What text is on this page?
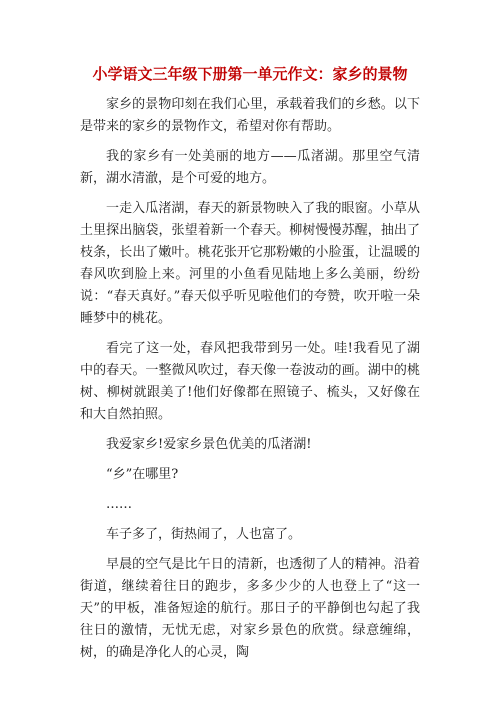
小学语文三年级下册第一单元作文：家乡的景物

家乡的景物印刻在我们心里，承载着我们的乡愁。以下是带来的家乡的景物作文，希望对你有帮助。

我的家乡有一处美丽的地方——瓜渚湖。那里空气清新，湖水清澈，是个可爱的地方。

一走入瓜渚湖，春天的新景物映入了我的眼窗。小草从土里探出脑袋，张望着新一个春天。柳树慢慢苏醒，抽出了枝条，长出了嫩叶。桃花张开它那粉嫩的小脸蛋，让温暖的春风吹到脸上来。河里的小鱼看见陆地上多么美丽，纷纷说：“春天真好。”春天似乎听见啦他们的夸赞，吹开啦一朵睡梦中的桃花。

看完了这一处，春风把我带到另一处。哇!我看见了湖中的春天。一整微风吹过，春天像一卷波动的画。湖中的桃树、柳树就跟美了!他们好像都在照镜子、梳头，又好像在和大自然拍照。

我爱家乡!爱家乡景色优美的瓜渚湖!

“乡”在哪里?

……

车子多了，街热闹了，人也富了。

早晨的空气是比午日的清新，也透彻了人的精神。沿着街道，继续着往日的跑步，多多少少的人也登上了“这一天”的甲板，准备短途的航行。那日子的平静倒也勾起了我往日的激情，无忧无虑，对家乡景色的欣赏。绿意缠绵，树，的确是净化人的心灵，陶
